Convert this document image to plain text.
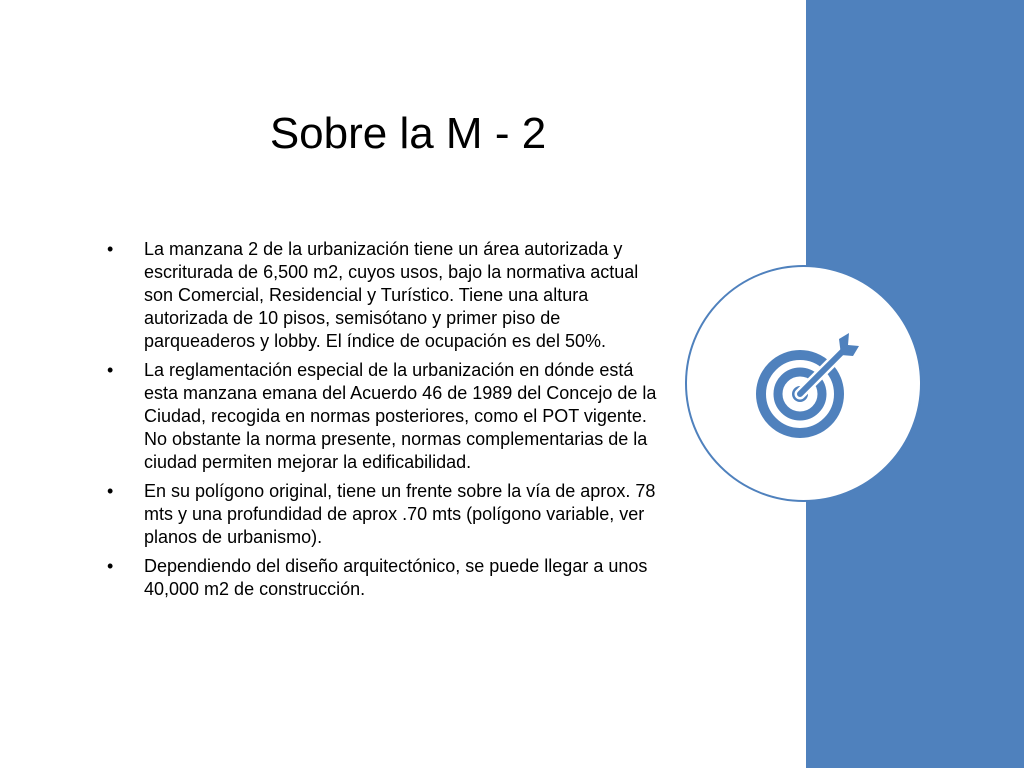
Sobre la M - 2
•	La manzana 2 de la urbanización tiene un área autorizada y escriturada de 6,500 m2, cuyos usos, bajo la normativa actual son Comercial, Residencial y Turístico. Tiene una altura autorizada de 10 pisos, semisótano y primer piso de parqueaderos y lobby. El índice de ocupación es del 50%.
•	La reglamentación especial de la urbanización en dónde está esta manzana emana del Acuerdo 46 de 1989 del Concejo de la Ciudad, recogida en normas posteriores, como el POT vigente. No obstante la norma presente, normas complementarias de la ciudad permiten mejorar la edificabilidad.
•	En su polígono original, tiene un frente sobre la vía de aprox. 78 mts y una profundidad de aprox .70 mts (polígono variable, ver planos de urbanismo).
•	Dependiendo del diseño arquitectónico, se puede llegar a unos 40,000 m2 de construcción.
